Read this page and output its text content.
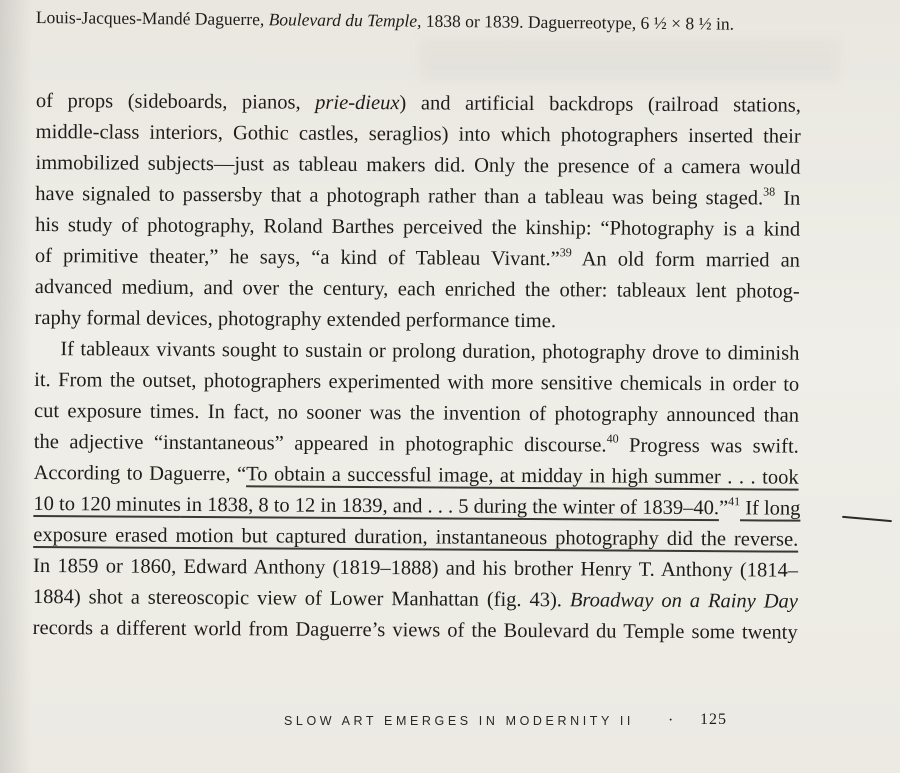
Louis-Jacques-Mandé Daguerre, Boulevard du Temple, 1838 or 1839. Daguerreotype, 6 ½ × 8 ½ in.
of props (sideboards, pianos, prie-dieux) and artificial backdrops (railroad stations,
middle-class interiors, Gothic castles, seraglios) into which photographers inserted their
immobilized subjects—just as tableau makers did. Only the presence of a camera would
have signaled to passersby that a photograph rather than a tableau was being staged.$^{38}$ In
his study of photography, Roland Barthes perceived the kinship: “Photography is a kind
of primitive theater,” he says, “a kind of Tableau Vivant.”$^{39}$ An old form married an
advanced medium, and over the century, each enriched the other: tableaux lent photog-
raphy formal devices, photography extended performance time.
If tableaux vivants sought to sustain or prolong duration, photography drove to diminish
it. From the outset, photographers experimented with more sensitive chemicals in order to
cut exposure times. In fact, no sooner was the invention of photography announced than
the adjective “instantaneous” appeared in photographic discourse.$^{40}$ Progress was swift.
According to Daguerre, “To obtain a successful image, at midday in high summer . . . took
10 to 120 minutes in 1838, 8 to 12 in 1839, and . . . 5 during the winter of 1839–40.”$^{41}$ If long
exposure erased motion but captured duration, instantaneous photography did the reverse.
In 1859 or 1860, Edward Anthony (1819–1888) and his brother Henry T. Anthony (1814–
1884) shot a stereoscopic view of Lower Manhattan (fig. 43). Broadway on a Rainy Day
records a different world from Daguerre’s views of the Boulevard du Temple some twenty
SLOW ART EMERGES IN MODERNITY II · 125
